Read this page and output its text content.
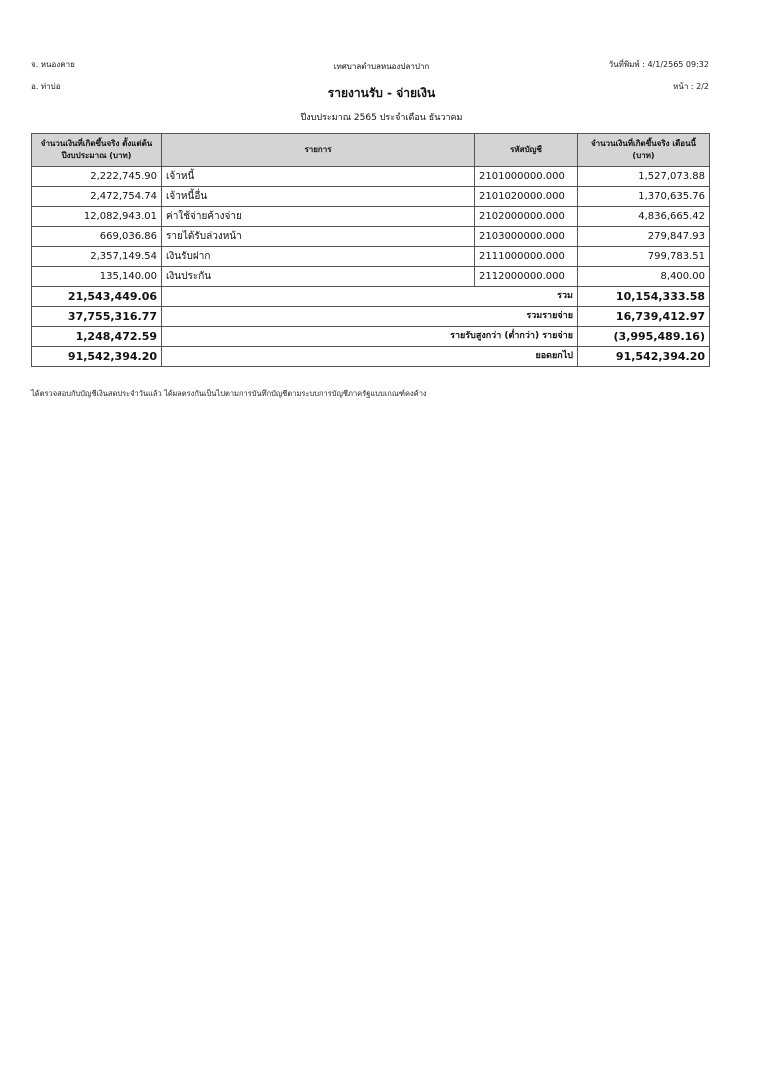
จ. หนองคาย
อ. ท่าบ่อ
วันที่พิมพ์ : 4/1/2565 09:32
หน้า : 2/2
เทศบาลตำบลหนองปลาปาก
รายงานรับ - จ่ายเงิน
ปีงบประมาณ 2565 ประจำเดือน ธันวาคม
จำนวนเงินที่เกิดขึ้นจริง ตั้งแต่ต้นปีงบประมาณ (บาท)	รายการ	รหัสบัญชี	จำนวนเงินที่เกิดขึ้นจริง เดือนนี้ (บาท)
2,222,745.90	เจ้าหนี้	2101000000.000	1,527,073.88
2,472,754.74	เจ้าหนี้อื่น	2101020000.000	1,370,635.76
12,082,943.01	ค่าใช้จ่ายค้างจ่าย	2102000000.000	4,836,665.42
669,036.86	รายได้รับล่วงหน้า	2103000000.000	279,847.93
2,357,149.54	เงินรับฝาก	2111000000.000	799,783.51
135,140.00	เงินประกัน	2112000000.000	8,400.00
21,543,449.06	รวม		10,154,333.58
37,755,316.77	รวมรายจ่าย		16,739,412.97
1,248,472.59	รายรับสูงกว่า (ต่ำกว่า) รายจ่าย		(3,995,489.16)
91,542,394.20	ยอดยกไป		91,542,394.20
ได้ตรวจสอบกับบัญชีเงินสดประจำวันแล้ว ได้ผลตรงกันเป็นไปตามการบันทึกบัญชีตามระบบการบัญชีภาครัฐแบบเกณฑ์คงค้าง
